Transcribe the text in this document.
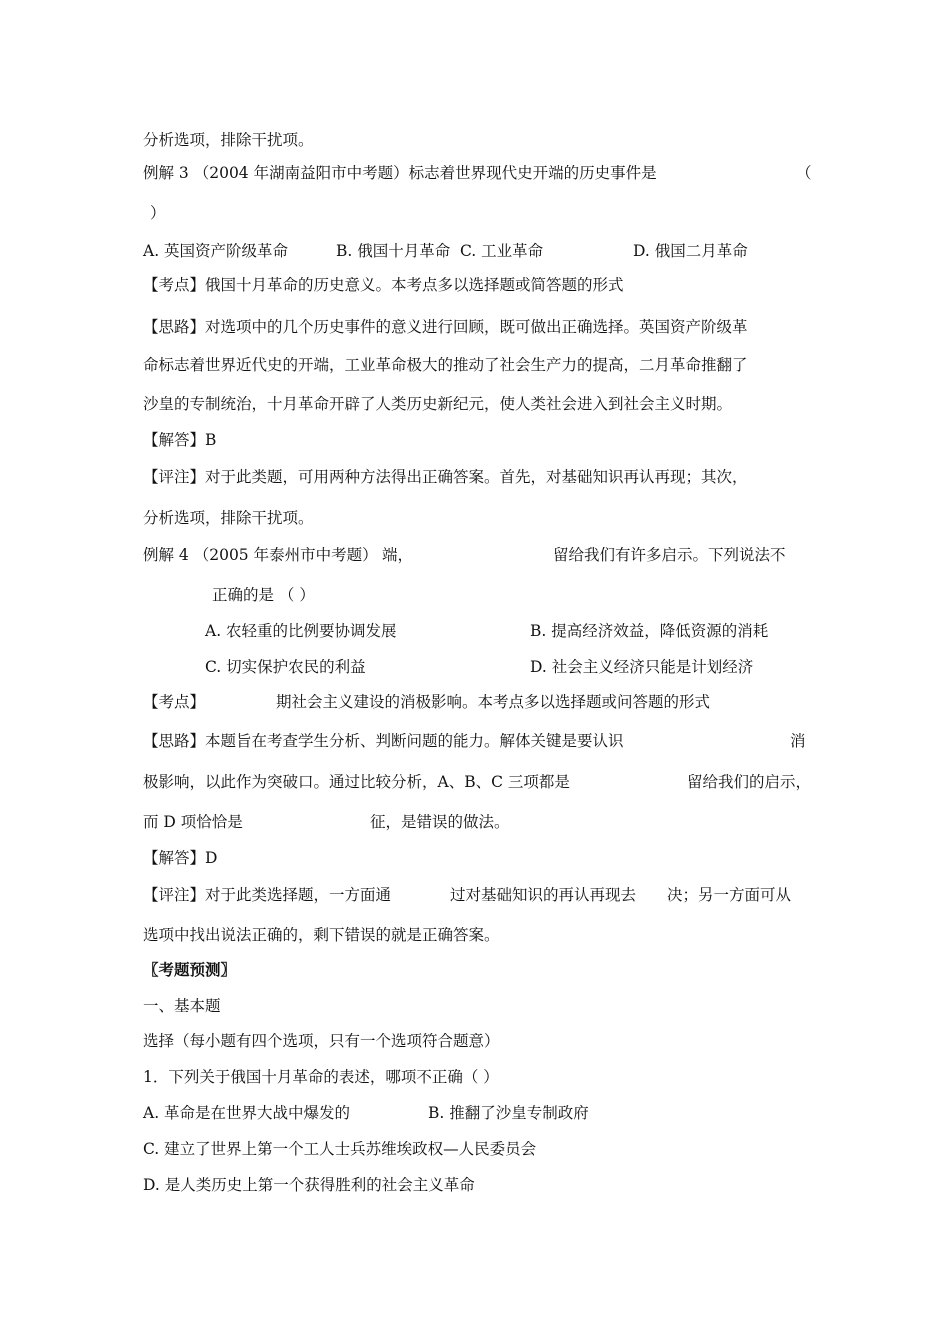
分析选项，排除干扰项。
例解 3 （2004 年湖南益阳市中考题）标志着世界现代史开端的历史事件是	（
）
A. 英国资产阶级革命	B. 俄国十月革命 C. 工业革命	D. 俄国二月革命
【考点】俄国十月革命的历史意义。本考点多以选择题或简答题的形式
【思路】对选项中的几个历史事件的意义进行回顾，既可做出正确选择。英国资产阶级革
命标志着世界近代史的开端，工业革命极大的推动了社会生产力的提高，二月革命推翻了
沙皇的专制统治，十月革命开辟了人类历史新纪元，使人类社会进入到社会主义时期。
【解答】B
【评注】对于此类题，可用两种方法得出正确答案。首先，对基础知识再认再现；其次，
分析选项，排除干扰项。
例解 4 （2005 年泰州市中考题） 端，	留给我们有许多启示。下列说法不
正确的是 （ ）
A. 农轻重的比例要协调发展	B. 提高经济效益，降低资源的消耗
C. 切实保护农民的利益	D. 社会主义经济只能是计划经济
【考点】	期社会主义建设的消极影响。本考点多以选择题或问答题的形式
【思路】本题旨在考查学生分析、判断问题的能力。解体关键是要认识	消
极影响，以此作为突破口。通过比较分析，A、B、C 三项都是	留给我们的启示，
而 D 项恰恰是	征，是错误的做法。
【解答】D
【评注】对于此类选择题，一方面通	过对基础知识的再认再现去 决；另一方面可从
选项中找出说法正确的，剩下错误的就是正确答案。
〖考题预测〗
一、基本题
选择（每小题有四个选项，只有一个选项符合题意）
1．下列关于俄国十月革命的表述，哪项不正确（ ）
A. 革命是在世界大战中爆发的	B. 推翻了沙皇专制政府
C. 建立了世界上第一个工人士兵苏维埃政权—人民委员会
D. 是人类历史上第一个获得胜利的社会主义革命
